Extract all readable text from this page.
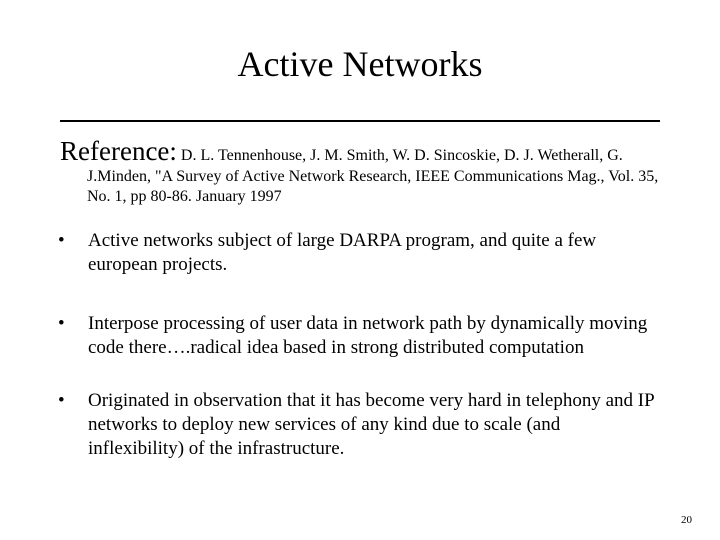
Active Networks
Reference: D. L. Tennenhouse, J. M. Smith, W. D. Sincoskie, D. J. Wetherall, G.
J.Minden, "A Survey of Active Network Research, IEEE Communications Mag., Vol. 35, No. 1, pp 80-86. January 1997
• Active networks subject of large DARPA program, and quite a few european projects.
• Interpose processing of user data in network path by dynamically moving code there….radical idea based in strong distributed computation
• Originated in observation that it has become very hard in telephony and IP networks to deploy new services of any kind due to scale (and inflexibility) of the infrastructure.
20
